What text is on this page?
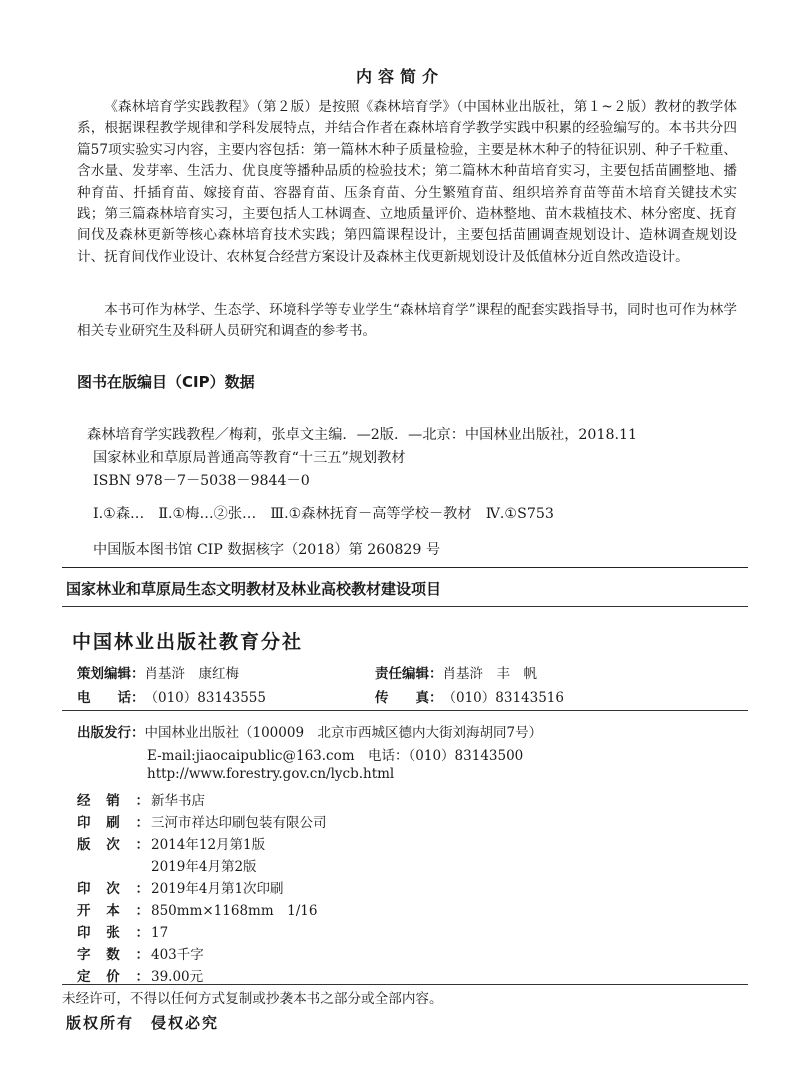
内容简介

《森林培育学实践教程》（第２版）是按照《森林培育学》（中国林业出版社，第１~２版）教材的教学体系，根据课程教学规律和学科发展特点，并结合作者在森林培育学教学实践中积累的经验编写的。本书共分四篇57项实验实习内容，主要内容包括：第一篇林木种子质量检验，主要是林木种子的特征识别、种子千粒重、含水量、发芽率、生活力、优良度等播种品质的检验技术；第二篇林木种苗培育实习，主要包括苗圃整地、播种育苗、扦插育苗、嫁接育苗、容器育苗、压条育苗、分生繁殖育苗、组织培养育苗等苗木培育关键技术实践；第三篇森林培育实习，主要包括人工林调查、立地质量评价、造林整地、苗木栽植技术、林分密度、抚育间伐及森林更新等核心森林培育技术实践；第四篇课程设计，主要包括苗圃调查规划设计、造林调查规划设计、抚育间伐作业设计、农林复合经营方案设计及森林主伐更新规划设计及低值林分近自然改造设计。

本书可作为林学、生态学、环境科学等专业学生“森林培育学”课程的配套实践指导书，同时也可作为林学相关专业研究生及科研人员研究和调查的参考书。

图书在版编目（CIP）数据
森林培育学实践教程／梅莉，张卓文主编．—2版．—北京：中国林业出版社，2018.11
国家林业和草原局普通高等教育“十三五”规划教材
ISBN 978－7－5038－9844－0
Ⅰ.①森…　Ⅱ.①梅…②张…　Ⅲ.①森林抚育－高等学校－教材　Ⅳ.①S753
中国版本图书馆 CIP 数据核字（2018）第 260829 号
国家林业和草原局生态文明教材及林业高校教材建设项目
中国林业出版社教育分社
策划编辑： 肖基浒　康红梅	责任编辑： 肖基浒　丰　帆
电　　话： （010）83143555	传　　真： （010）83143516
出版发行： 中国林业出版社（100009　北京市西城区德内大街刘海胡同7号）
E-mail:jiaocaipublic@163.com　电话：（010）83143500
http://www.forestry.gov.cn/lycb.html
经销： 新华书店
印刷： 三河市祥达印刷包装有限公司
版次： 2014年12月第1版
2019年4月第2版
印次： 2019年4月第1次印刷
开本： 850mm×1168mm　1/16
印张： 17
字数： 403千字
定价： 39.00元
未经许可，不得以任何方式复制或抄袭本书之部分或全部内容。
版权所有　侵权必究
